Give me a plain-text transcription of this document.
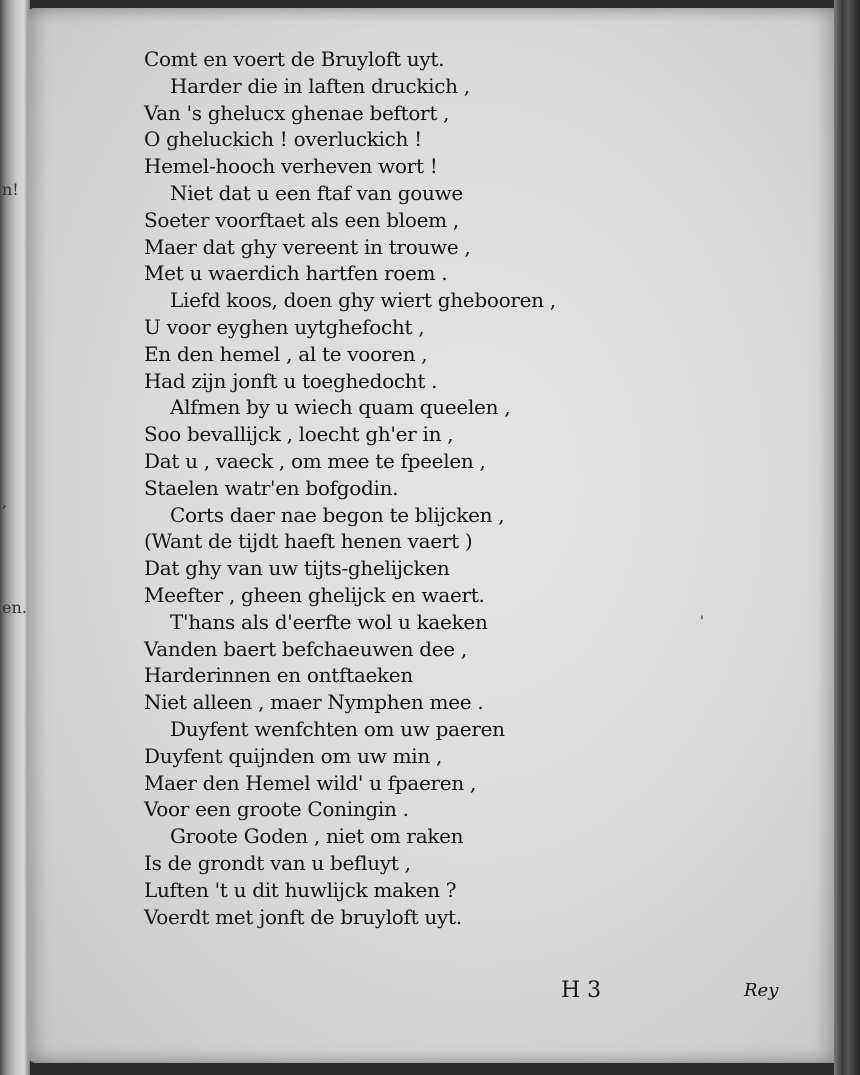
n!
,
en.
Comt en voert de Bruyloft uyt.
Harder die in laften druckich ,
Van 's ghelucx ghenae beftort ,
O gheluckich ! overluckich !
Hemel-hooch verheven wort !
Niet dat u een ftaf van gouwe
Soeter voorftaet als een bloem ,
Maer dat ghy vereent in trouwe ,
Met u waerdich hartfen roem .
Liefd koos, doen ghy wiert ghebooren ,
U voor eyghen uytghefocht ,
En den hemel , al te vooren ,
Had zijn jonft u toeghedocht .
Alfmen by u wiech quam queelen ,
Soo bevallijck , loecht gh'er in ,
Dat u , vaeck , om mee te fpeelen ,
Staelen watr'en bofgodin.
Corts daer nae begon te blijcken ,
(Want de tijdt haeft henen vaert )
Dat ghy van uw tijts-ghelijcken
Meefter , gheen ghelijck en waert.
T'hans als d'eerfte wol u kaeken
Vanden baert befchaeuwen dee ,
Harderinnen en ontftaeken
Niet alleen , maer Nymphen mee .
Duyfent wenfchten om uw paeren
Duyfent quijnden om uw min ,
Maer den Hemel wild' u fpaeren ,
Voor een groote Coningin .
Groote Goden , niet om raken
Is de grondt van u befluyt ,
Luften 't u dit huwlijck maken ?
Voerdt met jonft de bruyloft uyt.
H 3	Rey
'
